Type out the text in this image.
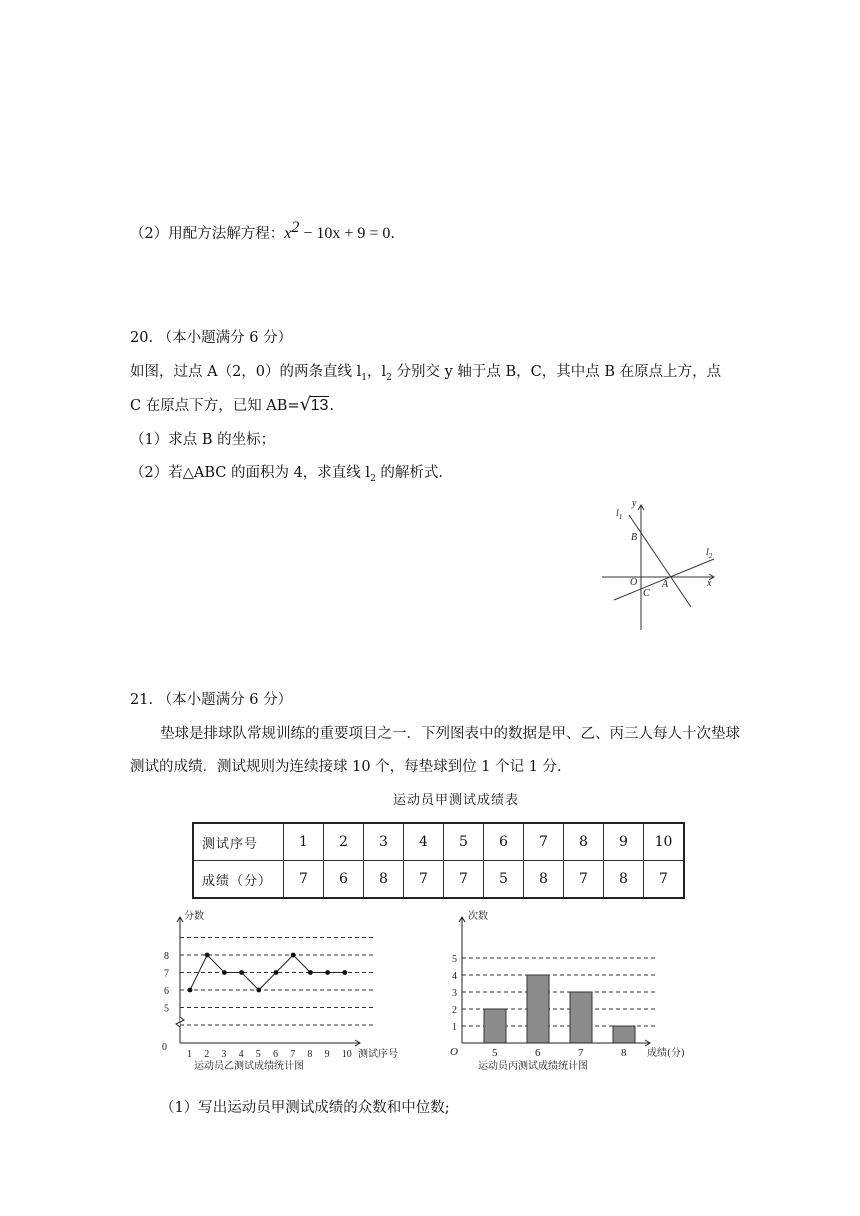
（2）用配方法解方程：$x^2 - 10x + 9 = 0$.
20. （本小题满分 6 分）
如图，过点 A（2，0）的两条直线 $l_1$，$l_2$ 分别交 y 轴于点 B，C，其中点 B 在原点上方，点
C 在原点下方，已知 AB= √ 13.
（1）求点 B 的坐标；
（2）若△ABC 的面积为 4，求直线 $l_2$ 的解析式.
$l_1$
y
B
$l_2$
x
O A
C
21. （本小题满分 6 分）
垫球是排球队常规训练的重要项目之一．下列图表中的数据是甲、乙、丙三人每人十次垫球
测试的成绩．测试规则为连续接球 10 个，每垫球到位 1 个记 1 分.
运动员甲测试成绩表
测试序号	1	2	3	4	5	6	7	8	9	10
成绩（分）	7	6	8	7	7	5	8	7	8	7
分数
5
6
7
8
0
1 2 3 4 5 6 7 8 9 10 测试序号
运动员乙测试成绩统计图
次数
1
2
3
4
5
O	5	6	7	8 成绩(分)
运动员丙测试成绩统计图
（1）写出运动员甲测试成绩的众数和中位数;
